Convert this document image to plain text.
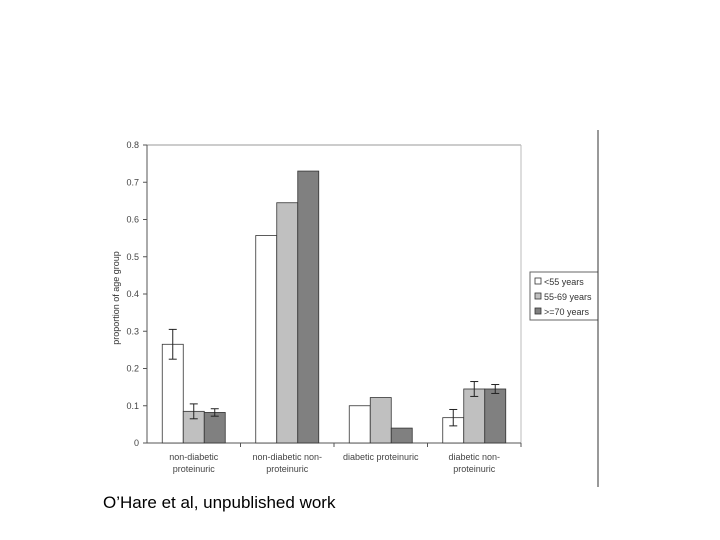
0
0.1
0.2
0.3
0.4
0.5
0.6
0.7
0.8
proportion of age group
non-diabetic
proteinuric
non-diabetic non-
proteinuric
diabetic proteinuric	diabetic non-
proteinuric
<55 years
55-69 years
>=70 years
O’Hare et al, unpublished work
